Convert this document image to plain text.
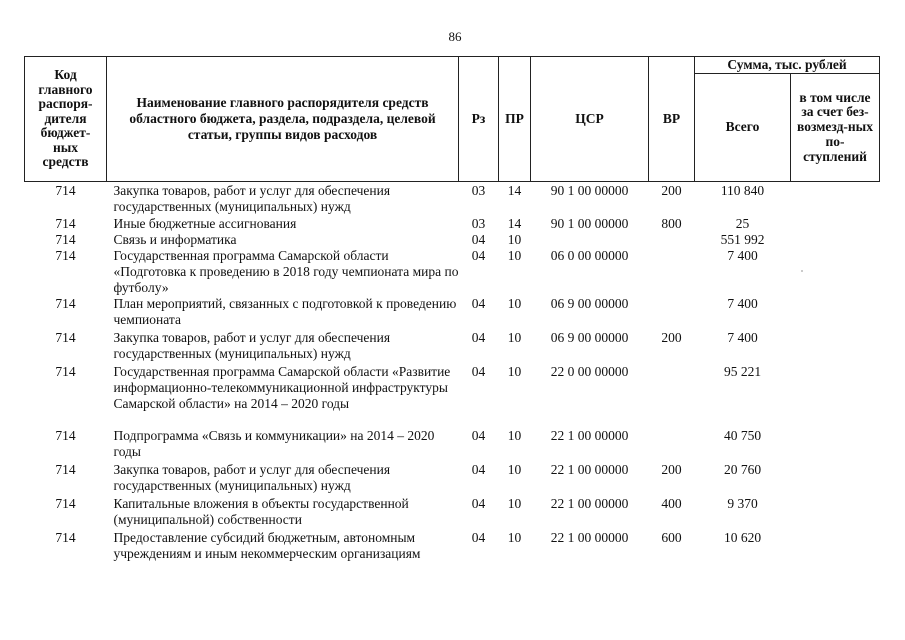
86
Код главного распоря-дителя бюджет-ных средств	Наименование главного распорядителя средств областного бюджета, раздела, подраздела, целевой статьи, группы видов расходов	Рз	ПР	ЦСР	ВР	Сумма, тыс. рублей	
						Всего	в том числе за счет без-возмезд-ных по-ступлений

714	Закупка товаров, работ и услуг для обеспечения государственных (муниципальных) нужд	03	14	90 1 00 00000	200	110 840	
714	Иные бюджетные ассигнования	03	14	90 1 00 00000	800	25	
714	Связь и информатика	04	10			551 992	
714	Государственная программа Самарской области «Подготовка к проведению в 2018 году чемпионата мира по футболу»	04	10	06 0 00 00000		7 400	
714	План мероприятий, связанных с подготовкой к проведению чемпионата	04	10	06 9 00 00000		7 400	
714	Закупка товаров, работ и услуг для обеспечения государственных (муниципальных) нужд	04	10	06 9 00 00000	200	7 400	
714	Государственная программа Самарской области «Развитие информационно-телекоммуникационной инфраструктуры Самарской области» на 2014 – 2020 годы	04	10	22 0 00 00000		95 221	
714	Подпрограмма «Связь и коммуникации» на 2014 – 2020 годы	04	10	22 1 00 00000		40 750	
714	Закупка товаров, работ и услуг для обеспечения государственных (муниципальных) нужд	04	10	22 1 00 00000	200	20 760	
714	Капитальные вложения в объекты государственной (муниципальной) собственности	04	10	22 1 00 00000	400	9 370	
714	Предоставление субсидий бюджетным, автономным учреждениям и иным некоммерческим организациям	04	10	22 1 00 00000	600	10 620	
